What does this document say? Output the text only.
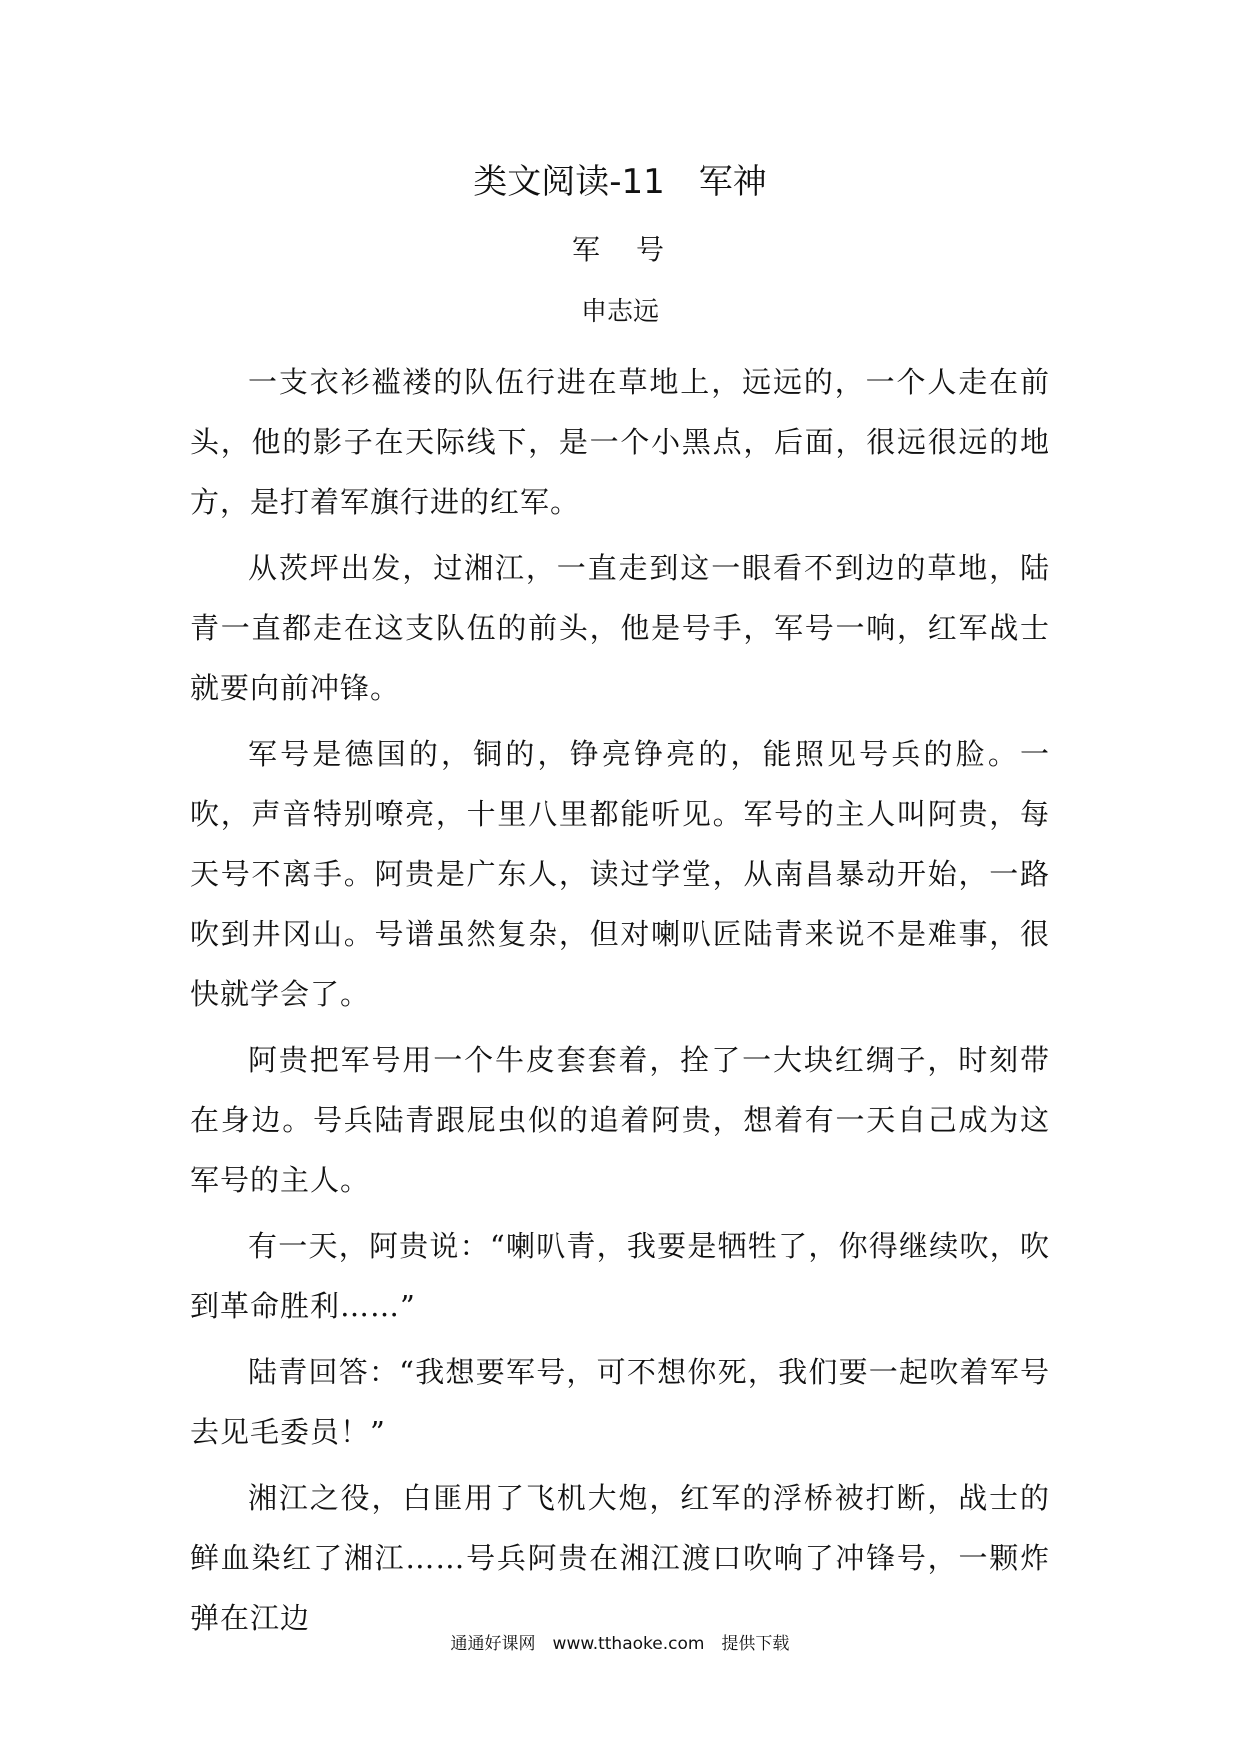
类文阅读-11　军神
军　号
申志远

一支衣衫褴褛的队伍行进在草地上，远远的，一个人走在前头，他的影子在天际线下，是一个小黑点，后面，很远很远的地方，是打着军旗行进的红军。

从茨坪出发，过湘江，一直走到这一眼看不到边的草地，陆青一直都走在这支队伍的前头，他是号手，军号一响，红军战士就要向前冲锋。

军号是德国的，铜的，铮亮铮亮的，能照见号兵的脸。一吹，声音特别嘹亮，十里八里都能听见。军号的主人叫阿贵，每天号不离手。阿贵是广东人，读过学堂，从南昌暴动开始，一路吹到井冈山。号谱虽然复杂，但对喇叭匠陆青来说不是难事，很快就学会了。

阿贵把军号用一个牛皮套套着，拴了一大块红绸子，时刻带在身边。号兵陆青跟屁虫似的追着阿贵，想着有一天自己成为这军号的主人。

有一天，阿贵说：“喇叭青，我要是牺牲了，你得继续吹，吹到革命胜利……”

陆青回答：“我想要军号，可不想你死，我们要一起吹着军号去见毛委员！”

湘江之役，白匪用了飞机大炮，红军的浮桥被打断，战士的鲜血染红了湘江……号兵阿贵在湘江渡口吹响了冲锋号，一颗炸弹在江边

通通好课网　www.tthaoke.com　提供下载
